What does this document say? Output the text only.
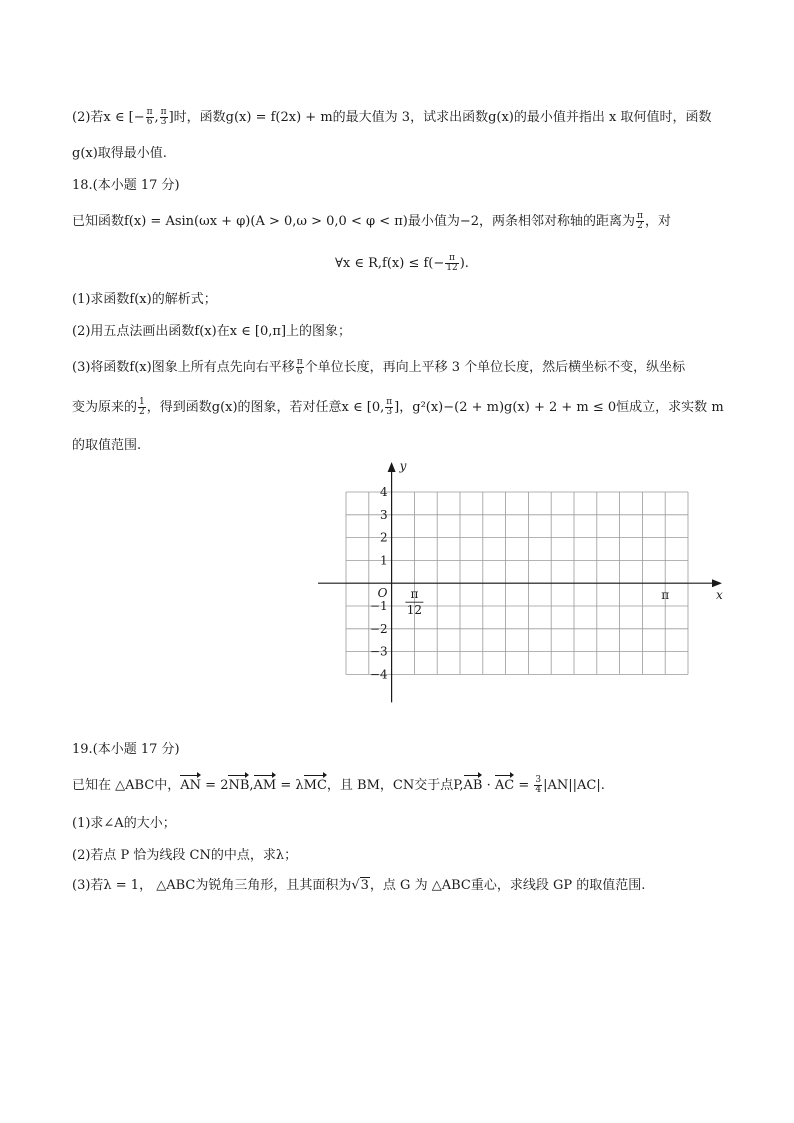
(2)若x ∈ [− $\frac{\pi}{6}$ , $\frac{\pi}{3}$ ]时，函数g(x) = f(2x) + m的最大值为 3，试求出函数g(x)的最小值并指出 x 取何值时，函数
g(x)取得最小值.
18.(本小题 17 分)
已知函数f(x) = Asin(ωx + φ)(A > 0,ω > 0,0 < φ < π)最小值为−2，两条相邻对称轴的距离为 $\frac{\pi}{2}$ ，对
∀x ∈ $R,f(x) \le f(- \frac{\pi}{12}$ ).
(1)求函数f(x)的解析式；
(2)用五点法画出函数f(x)在x ∈ [0,π]上的图象；
(3)将函数f(x)图象上所有点先向右平移 $\frac{\pi}{6}$ 个单位长度，再向上平移 3 个单位长度，然后横坐标不变，纵坐标
变为原来的 $\frac{1}{2}$ ，得到函数g(x)的图象，若对任意x ∈ [0, $\frac{\pi}{3}$ ]，g²(x)−(2 + m)g(x) + 2 + m ≤ 0恒成立，求实数 m
的取值范围.
x
y
O
4
3
2
1
−1
−2
−3
−4
π
12
π
19.(本小题 17 分)
已知在 △ABC中，AN = 2NB,AM = λMC，且 BM，CN交于点P,AB · AC = $\frac{3}{4} |AN||AC|$.
(1)求∠A的大小；
(2)若点 P 恰为线段 CN的中点，求λ；
(3)若λ = 1， △ABC为锐角三角形，且其面积为√3，点 G 为 △ABC重心，求线段 GP 的取值范围.
